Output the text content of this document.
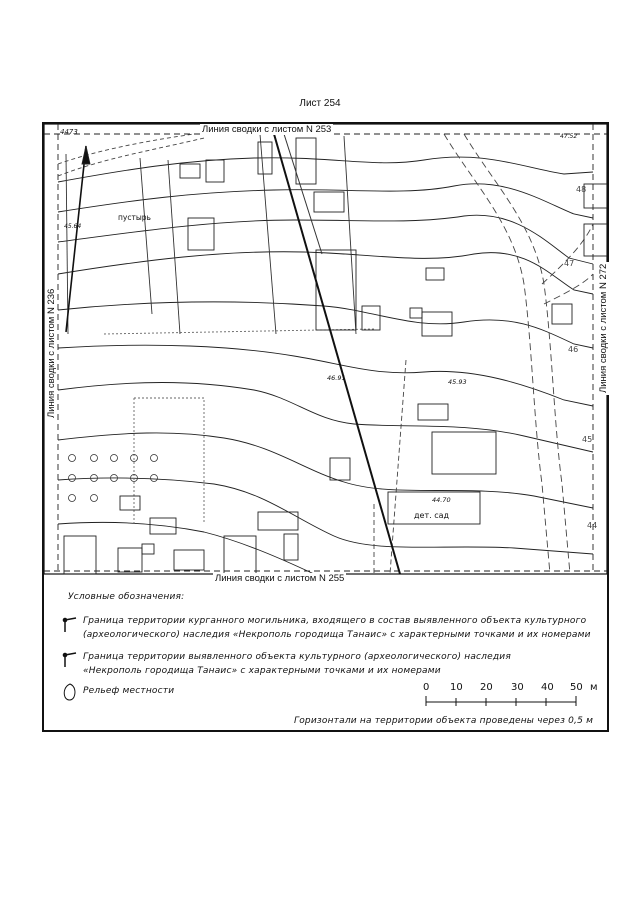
Лист 254
4473
пустырь
45.64
46.91	45.93
44.70
47.52
дет. сад
47
46
45
48
44
Линия сводки с листом N 253
Линия сводки с листом N 255
Линия сводки с листом N 236	Линия сводки с листом N 272
Условные обозначения:
Граница территории курганного могильника, входящего в состав выявленного объекта культурного
(археологического) наследия «Некрополь городища Танаис» с характерными точками и их номерами
Граница территории выявленного объекта культурного (археологического) наследия
«Некрополь городища Танаис» с характерными точками и их номерами
Рельеф местности	0 10 20 30 40 50 м
Горизонтали на территории объекта проведены через 0,5 м
